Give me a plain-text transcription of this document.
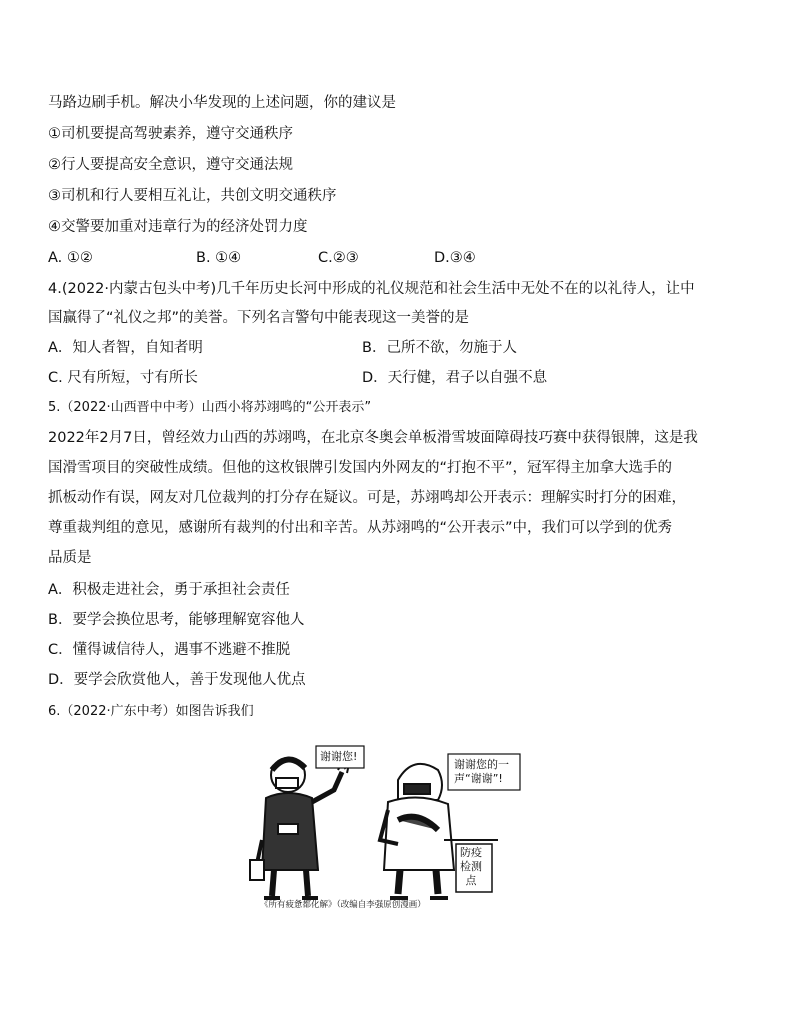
马路边刷手机。解决小华发现的上述问题，你的建议是
①司机要提高驾驶素养，遵守交通秩序
②行人要提高安全意识，遵守交通法规
③司机和行人要相互礼让，共创文明交通秩序
④交警要加重对违章行为的经济处罚力度
A. ①②	B. ①④	C.②③	D.③④
4.(2022·内蒙古包头中考)几千年历史长河中形成的礼仪规范和社会生活中无处不在的以礼待人，让中
国赢得了“礼仪之邦”的美誉。下列名言警句中能表现这一美誉的是
A．知人者智，自知者明	B．己所不欲，勿施于人
C. 尺有所短，寸有所长	D．天行健，君子以自强不息
5.（2022·山西晋中中考）山西小将苏翊鸣的“公开表示”
2022年2月7日，曾经效力山西的苏翊鸣，在北京冬奥会单板滑雪坡面障碍技巧赛中获得银牌，这是我
国滑雪项目的突破性成绩。但他的这枚银牌引发国内外网友的“打抱不平”，冠军得主加拿大选手的
抓板动作有误，网友对几位裁判的打分存在疑议。可是，苏翊鸣却公开表示：理解实时打分的困难，
尊重裁判组的意见，感谢所有裁判的付出和辛苦。从苏翊鸣的“公开表示”中，我们可以学到的优秀
品质是
A．积极走进社会，勇于承担社会责任
B．要学会换位思考，能够理解宽容他人
C．懂得诚信待人，遇事不逃避不推脱
D．要学会欣赏他人，善于发现他人优点
6.（2022·广东中考）如图告诉我们
谢谢您!
谢谢您的一
声“谢谢”!
防疫
检测
点
《所有疲惫都化解》（改编自李强原创漫画）
